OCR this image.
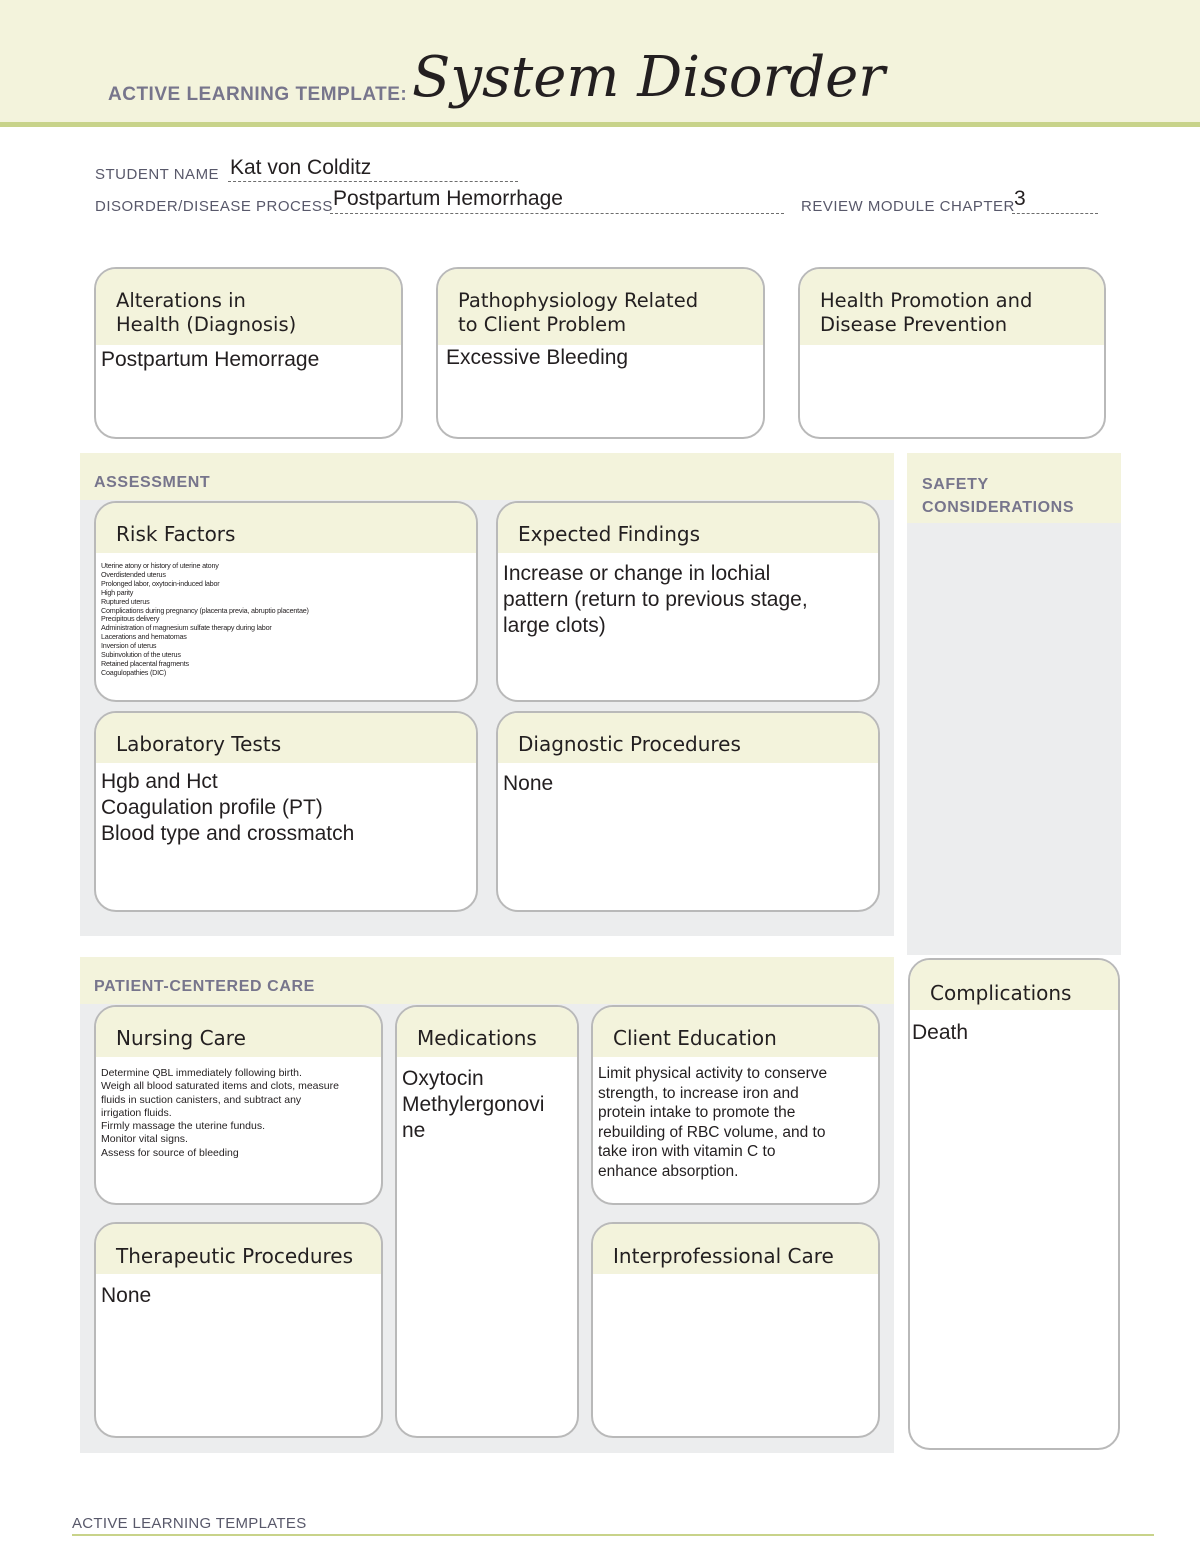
ACTIVE LEARNING TEMPLATE: System Disorder
STUDENT NAME Kat von Colditz
DISORDER/DISEASE PROCESS Postpartum Hemorrhage	REVIEW MODULE CHAPTER 3
Alterations in
Health (Diagnosis)
Postpartum Hemorrage
Pathophysiology Related
to Client Problem
Excessive Bleeding
Health Promotion and
Disease Prevention
ASSESSMENT
Risk Factors
Uterine atony or history of uterine atony
Overdistended uterus
Prolonged labor, oxytocin-induced labor
High parity
Ruptured uterus
Complications during pregnancy (placenta previa, abruptio placentae)
Precipitous delivery
Administration of magnesium sulfate therapy during labor
Lacerations and hematomas
Inversion of uterus
Subinvolution of the uterus
Retained placental fragments
Coagulopathies (DIC)
Expected Findings
Increase or change in lochial
pattern (return to previous stage,
large clots)
Laboratory Tests
Hgb and Hct
Coagulation profile (PT)
Blood type and crossmatch
Diagnostic Procedures
None
SAFETY
CONSIDERATIONS
Complications
Death
PATIENT-CENTERED CARE
Nursing Care
Determine QBL immediately following birth.
Weigh all blood saturated items and clots, measure
fluids in suction canisters, and subtract any
irrigation fluids.
Firmly massage the uterine fundus.
Monitor vital signs.
Assess for source of bleeding
Medications
Oxytocin
Methylergonovi
ne
Client Education
Limit physical activity to conserve
strength, to increase iron and
protein intake to promote the
rebuilding of RBC volume, and to
take iron with vitamin C to
enhance absorption.
Therapeutic Procedures
None
Interprofessional Care
ACTIVE LEARNING TEMPLATES
